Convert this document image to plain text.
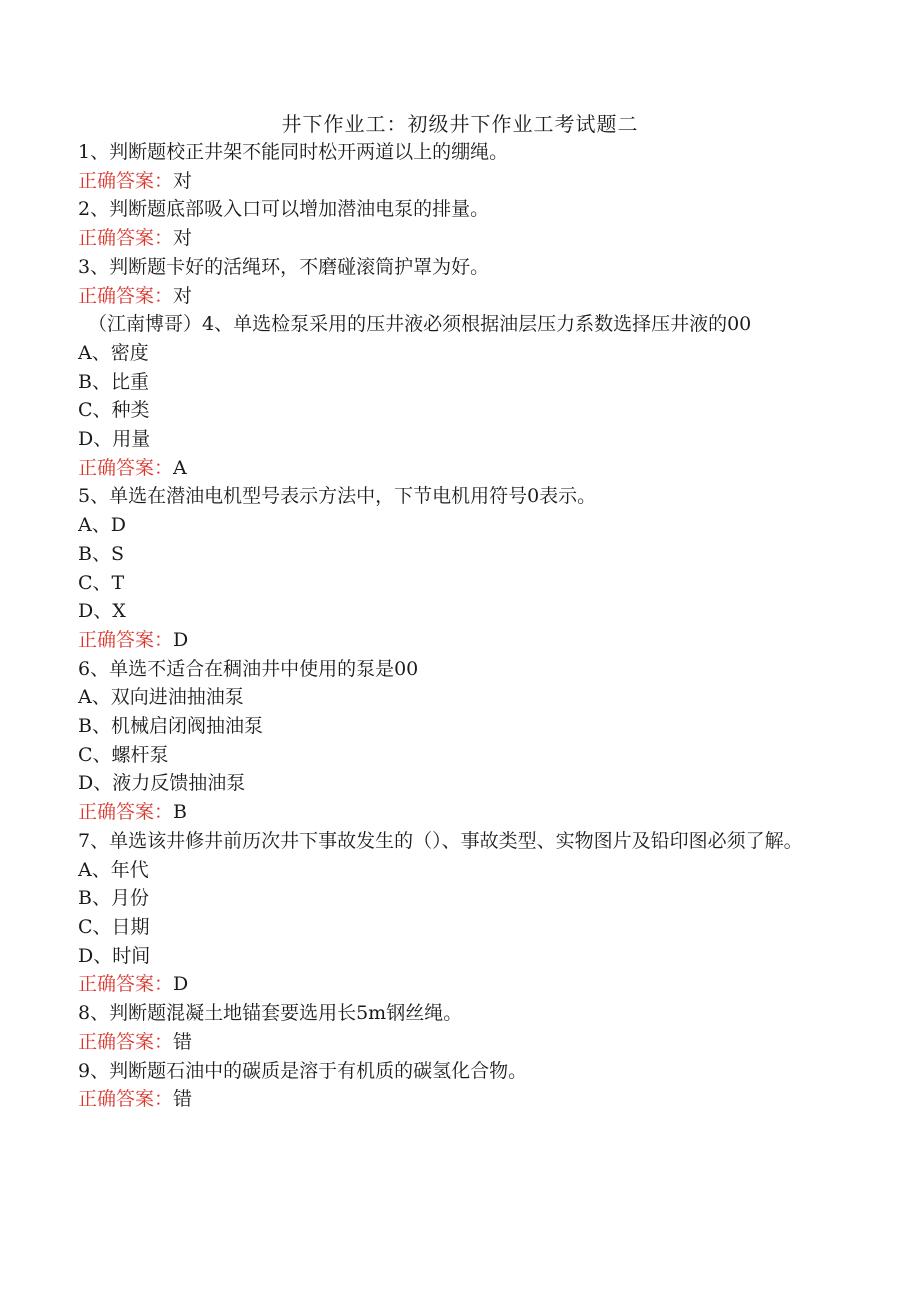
井下作业工：初级井下作业工考试题二
1、判断题校正井架不能同时松开两道以上的绷绳。
正确答案：对
2、判断题底部吸入口可以增加潜油电泵的排量。
正确答案：对
3、判断题卡好的活绳环，不磨碰滚筒护罩为好。
正确答案：对
（江南博哥）4、单选检泵采用的压井液必须根据油层压力系数选择压井液的00
A、密度
B、比重
C、种类
D、用量
正确答案：A
5、单选在潜油电机型号表示方法中，下节电机用符号0表示。
A、D
B、S
C、T
D、X
正确答案：D
6、单选不适合在稠油井中使用的泵是00
A、双向进油抽油泵
B、机械启闭阀抽油泵
C、螺杆泵
D、液力反馈抽油泵
正确答案：B
7、单选该井修井前历次井下事故发生的（）、事故类型、实物图片及铅印图必须了解。
A、年代
B、月份
C、日期
D、时间
正确答案：D
8、判断题混凝土地锚套要选用长5m钢丝绳。
正确答案：错
9、判断题石油中的碳质是溶于有机质的碳氢化合物。
正确答案：错
